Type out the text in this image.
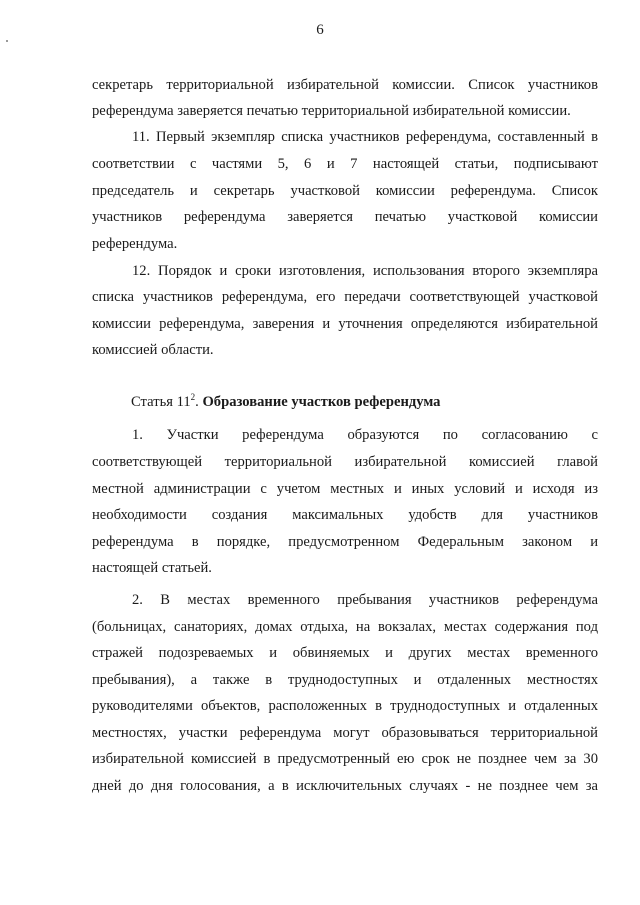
6
секретарь территориальной избирательной комиссии. Список участников
референдума заверяется печатью территориальной избирательной комиссии.
11. Первый экземпляр списка участников референдума, составленный в
соответствии с частями 5, 6 и 7 настоящей статьи, подписывают
председатель и секретарь участковой комиссии референдума. Список
участников референдума заверяется печатью участковой комиссии
референдума.
12. Порядок и сроки изготовления, использования второго экземпляра
списка участников референдума, его передачи соответствующей участковой
комиссии референдума, заверения и уточнения определяются избирательной
комиссией области.
Статья $11^2$. Образование участков референдума
1. Участки референдума образуются по согласованию с
соответствующей территориальной избирательной комиссией главой
местной администрации с учетом местных и иных условий и исходя из
необходимости создания максимальных удобств для участников
референдума в порядке, предусмотренном Федеральным законом и
настоящей статьей.
2. В местах временного пребывания участников референдума
(больницах, санаториях, домах отдыха, на вокзалах, местах содержания под
стражей подозреваемых и обвиняемых и других местах временного
пребывания), а также в труднодоступных и отдаленных местностях
руководителями объектов, расположенных в труднодоступных и отдаленных
местностях, участки референдума могут образовываться территориальной
избирательной комиссией в предусмотренный ею срок не позднее чем за 30
дней до дня голосования, а в исключительных случаях - не позднее чем за
